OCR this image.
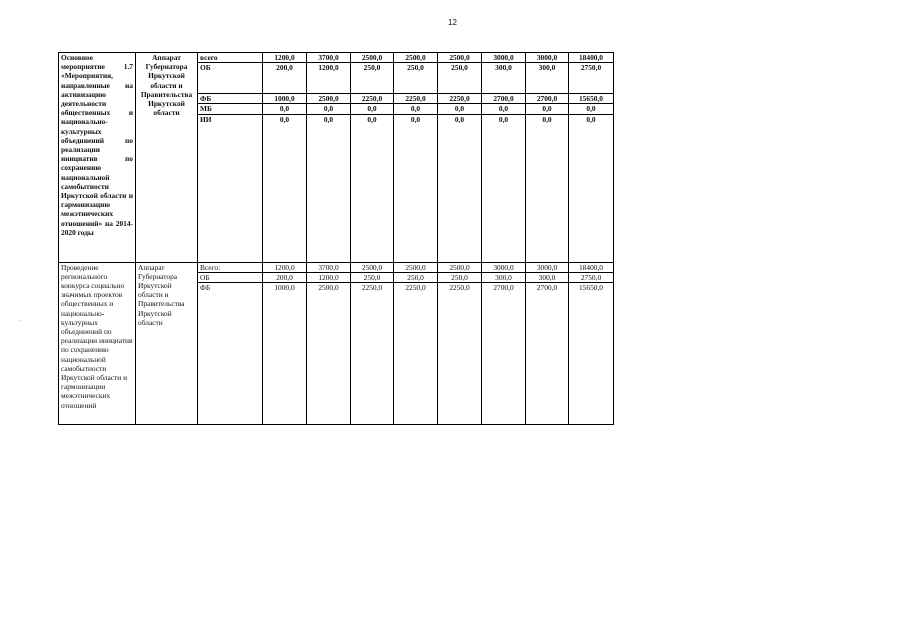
12
Основное мероприятие 1.7 «Мероприятия, направленные на активизацию деятельности общественных и национально-культурных объединений по реализации инициатив по сохранению национальной самобытности Иркутской области и гармонизацию межэтнических отношений» на 2014-2020 годы	Аппарат Губернатора Иркутской области и Правительства Иркутской области	всего	1200,0	3700,0	2500,0	2500,0	2500,0	3000,0	3000,0	18400,0
		ОБ	200,0	1200,0	250,0	250,0	250,0	300,0	300,0	2750,0
		ФБ	1000,0	2500,0	2250,0	2250,0	2250,0	2700,0	2700,0	15650,0
		МБ	0,0	0,0	0,0	0,0	0,0	0,0	0,0	0,0
		ИИ	0,0	0,0	0,0	0,0	0,0	0,0	0,0	0,0
Проведение регионального конкурса социально значимых проектов общественных и национально-культурных объединений по реализации инициатив по сохранению национальной самобытности Иркутской области и гармонизации межэтнических отношений	Аппарат Губернатора Иркутской области и Правительства Иркутской области	Всего:	1200,0	3700,0	2500,0	2500,0	2500,0	3000,0	3000,0	18400,0
		ОБ	200,0	1200,0	250,0	250,0	250,0	300,0	300,0	2750,0
		ФБ	1000,0	2500,0	2250,0	2250,0	2250,0	2700,0	2700,0	15650,0
